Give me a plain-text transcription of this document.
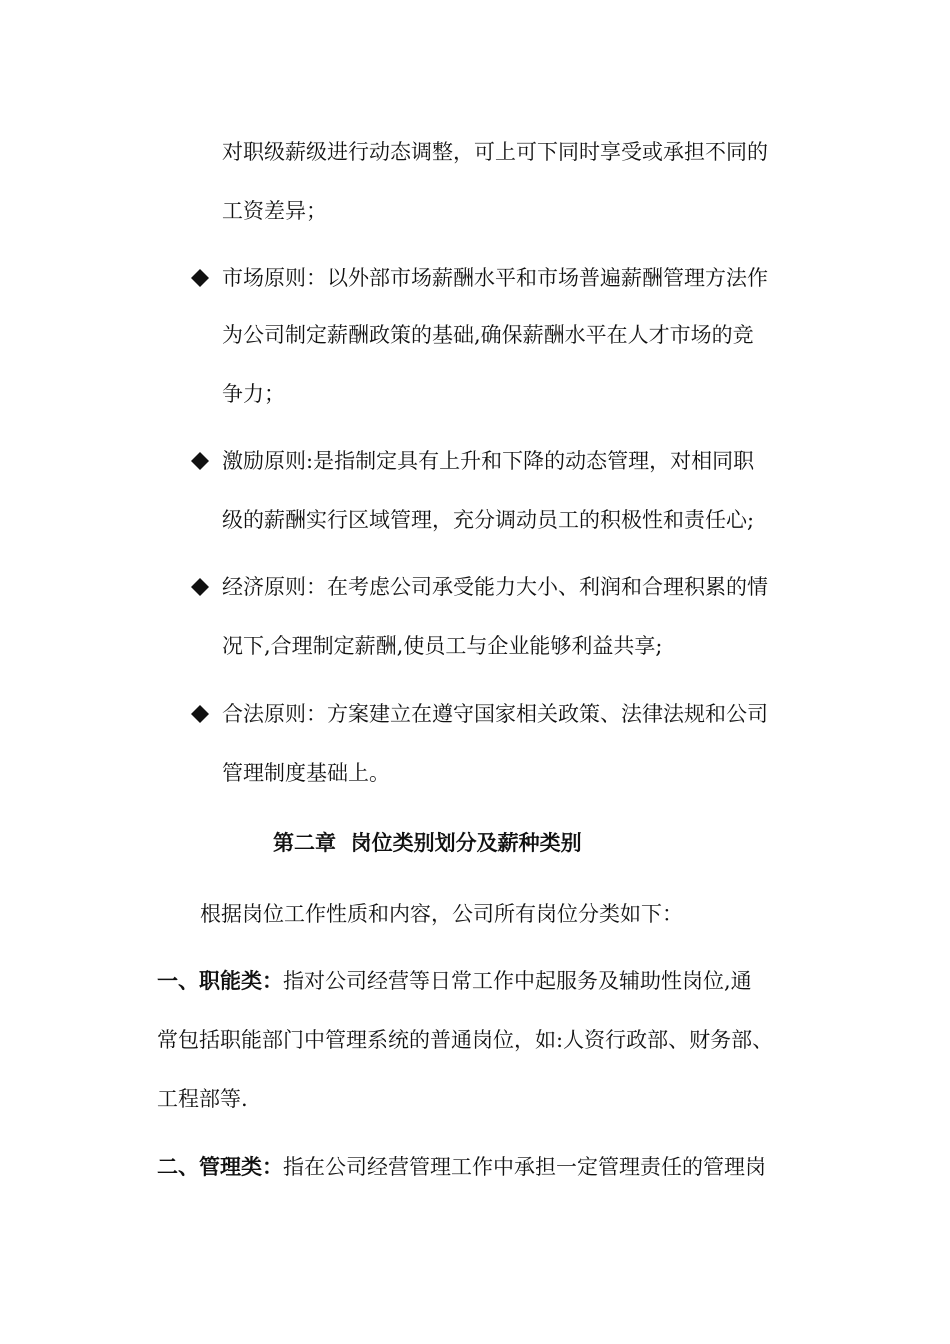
对职级薪级进行动态调整，可上可下同时享受或承担不同的
工资差异；
市场原则：以外部市场薪酬水平和市场普遍薪酬管理方法作
为公司制定薪酬政策的基础,确保薪酬水平在人才市场的竞
争力；
激励原则:是指制定具有上升和下降的动态管理，对相同职
级的薪酬实行区域管理，充分调动员工的积极性和责任心;
经济原则：在考虑公司承受能力大小、利润和合理积累的情
况下,合理制定薪酬,使员工与企业能够利益共享;
合法原则：方案建立在遵守国家相关政策、法律法规和公司
管理制度基础上。
第二章  岗位类别划分及薪种类别
根据岗位工作性质和内容，公司所有岗位分类如下：
一、职能类：指对公司经营等日常工作中起服务及辅助性岗位,通
常包括职能部门中管理系统的普通岗位，如:人资行政部、财务部、
工程部等.
二、管理类：指在公司经营管理工作中承担一定管理责任的管理岗
